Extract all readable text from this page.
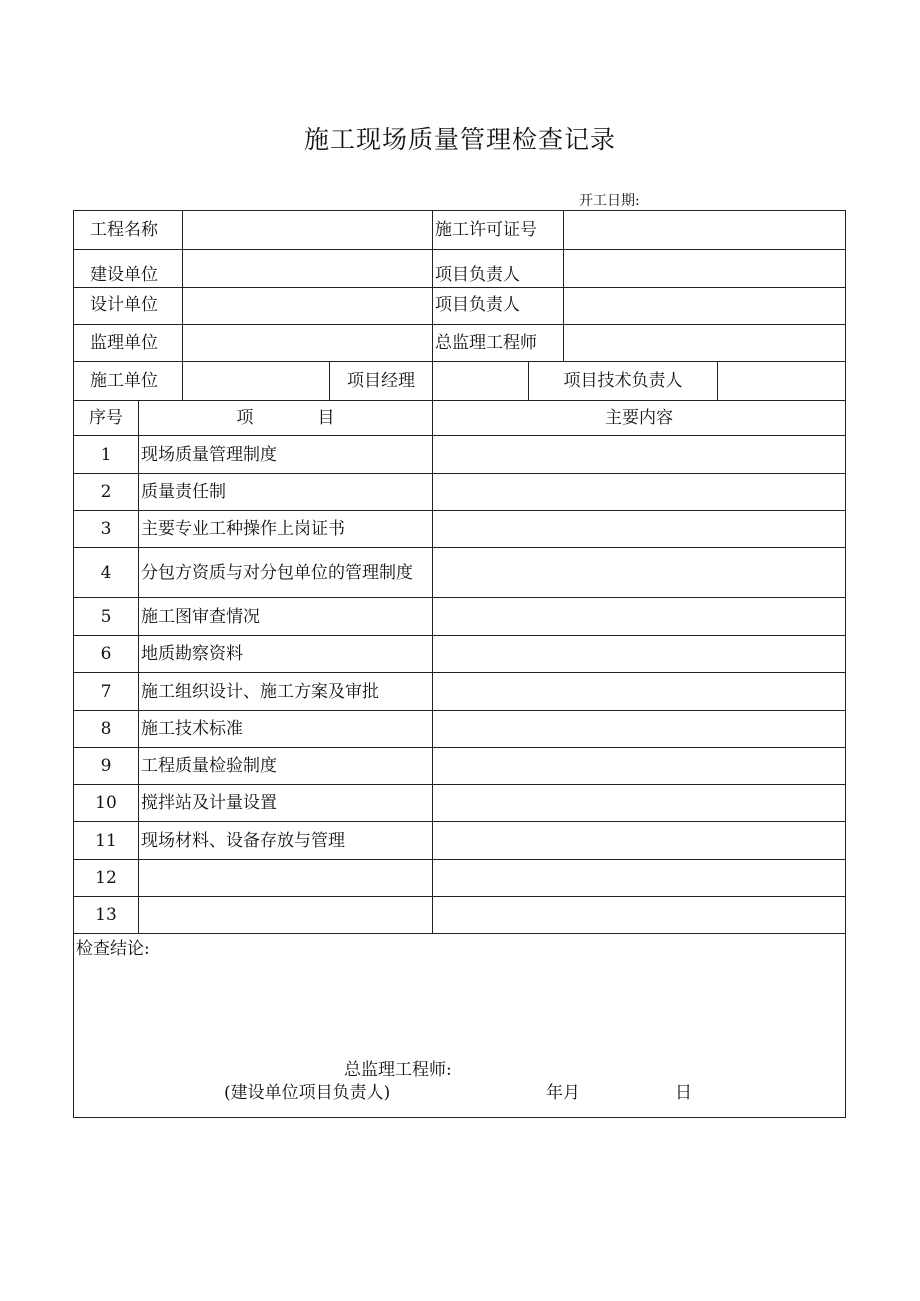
施工现场质量管理检查记录
开工日期:
工程名称				施工许可证号			
建设单位				项目负责人			
设计单位				项目负责人			
监理单位				总监理工程师			
施工单位			项目经理		项目技术负责人		
序号	项 目			主要内容			
1	现场质量管理制度						
2	质量责任制						
3	主要专业工种操作上岗证书						
4	分包方资质与对分包单位的管理制度						
5	施工图审查情况						
6	地质勘察资料						
7	施工组织设计、施工方案及审批						
8	施工技术标准						
9	工程质量检验制度						
10	搅拌站及计量设置						
11	现场材料、设备存放与管理						
12							
13							

检查结论:
总监理工程师:
(建设单位项目负责人) 年月 日							
